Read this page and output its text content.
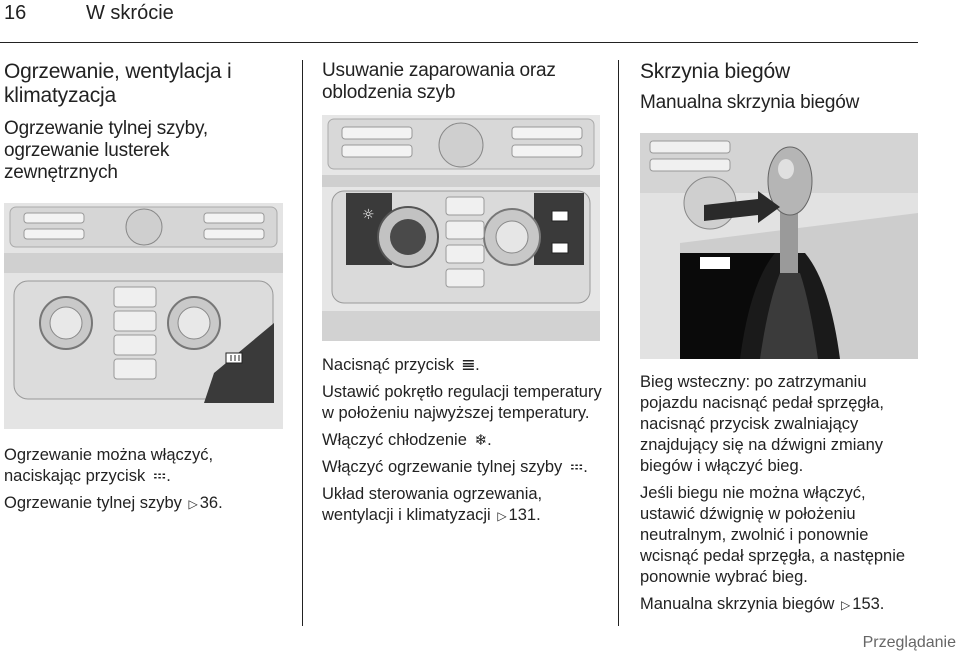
16	W skrócie
Ogrzewanie, wentylacja i klimatyzacja
Ogrzewanie tylnej szyby, ogrzewanie lusterek zewnętrznych

Ogrzewanie można włączyć, naciskając przycisk 𝌅.

Ogrzewanie tylnej szyby ▷ 36.

Usuwanie zaparowania oraz oblodzenia szyb
☼

Nacisnąć przycisk 𝌆.

Ustawić pokrętło regulacji temperatury w położeniu najwyższej temperatury.

Włączyć chłodzenie ❄.

Włączyć ogrzewanie tylnej szyby 𝌅.

Układ sterowania ogrzewania, wentylacji i klimatyzacji ▷ 131.

Skrzynia biegów
Manualna skrzynia biegów

Bieg wsteczny: po zatrzymaniu pojazdu nacisnąć pedał sprzęgła, nacisnąć przycisk zwalniający znajdujący się na dźwigni zmiany biegów i włączyć bieg.

Jeśli biegu nie można włączyć, ustawić dźwignię w położeniu neutralnym, zwolnić i ponownie wcisnąć pedał sprzęgła, a następnie ponownie wybrać bieg.

Manualna skrzynia biegów ▷ 153.

Przeglądanie
